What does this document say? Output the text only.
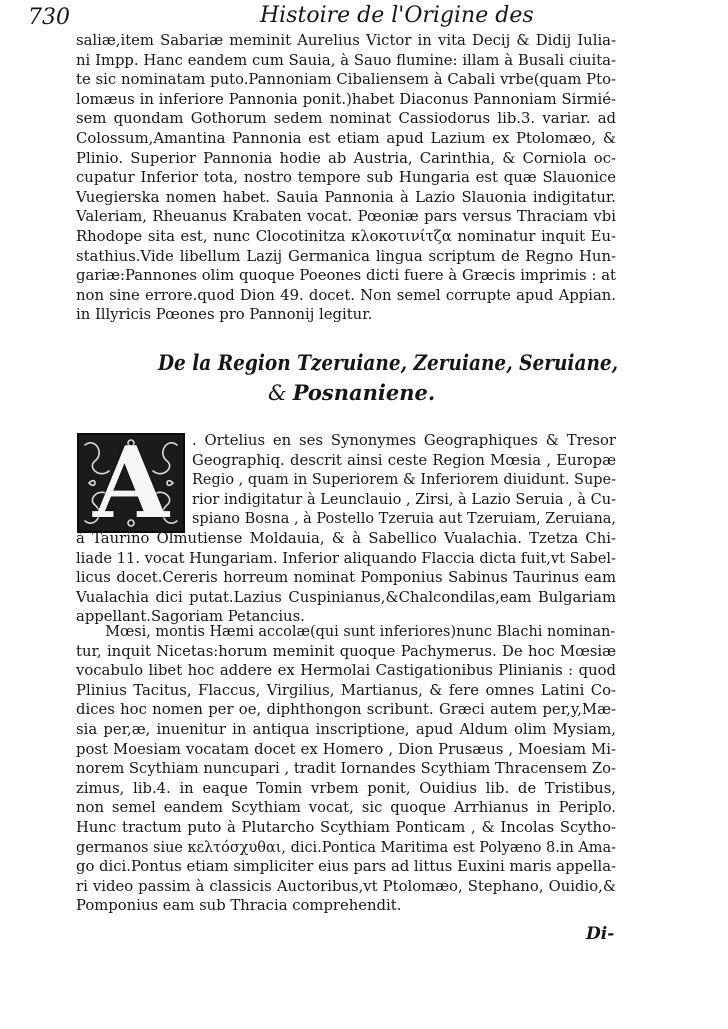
730	Histoire de l'Origine des
saliæ,item Sabariæ meminit Aurelius Victor in vita Decij & Didij Iulia-
ni Impp. Hanc eandem cum Sauia, à Sauo flumine: illam à Busali ciuita-
te sic nominatam puto.Pannoniam Cibaliensem à Cabali vrbe(quam Pto-
lomæus in inferiore Pannonia ponit.)habet Diaconus Pannoniam Sirmié-
sem quondam Gothorum sedem nominat Cassiodorus lib.3. variar. ad
Colossum,Amantina Pannonia est etiam apud Lazium ex Ptolomæo, &
Plinio. Superior Pannonia hodie ab Austria, Carinthia, & Corniola oc-
cupatur Inferior tota, nostro tempore sub Hungaria est quæ Slauonice
Vuegierska nomen habet. Sauia Pannonia à Lazio Slauonia indigitatur.
Valeriam, Rheuanus Krabaten vocat. Pœoniæ pars versus Thraciam vbi
Rhodope sita est, nunc Clocotinitza κλοκοτινίτζα nominatur inquit Eu-
stathius.Vide libellum Lazij Germanica lingua scriptum de Regno Hun-
gariæ:Pannones olim quoque Poeones dicti fuere à Græcis imprimis : at
non sine errore.quod Dion 49. docet. Non semel corrupte apud Appian.
in Illyricis Pœones pro Pannonij legitur.
De la Region Tzeruiane, Zeruiane, Seruiane,
& Posnaniene.
A	. Ortelius en ses Synonymes Geographiques & Tresor
Geographiq. descrit ainsi ceste Region Mœsia , Europæ
Regio , quam in Superiorem & Inferiorem diuidunt. Supe-
rior indigitatur à Leunclauio , Zirsi, à Lazio Seruia , à Cu-
spiano Bosna , à Postello Tzeruia aut Tzeruiam, Zeruiana,
à Taurino Olmutiense Moldauia, & à Sabellico Vualachia. Tzetza Chi-
liade 11. vocat Hungariam. Inferior aliquando Flaccia dicta fuit,vt Sabel-
licus docet.Cereris horreum nominat Pomponius Sabinus Taurinus eam
Vualachia dici putat.Lazius Cuspinianus,&Chalcondilas,eam Bulgariam
appellant.Sagoriam Petancius.
Mœsi, montis Hæmi accolæ(qui sunt inferiores)nunc Blachi nominan-
tur, inquit Nicetas:horum meminit quoque Pachymerus. De hoc Mœsiæ
vocabulo libet hoc addere ex Hermolai Castigationibus Plinianis : quod
Plinius Tacitus, Flaccus, Virgilius, Martianus, & fere omnes Latini Co-
dices hoc nomen per oe, diphthongon scribunt. Græci autem per,y,Mæ-
sia per,æ, inuenitur in antiqua inscriptione, apud Aldum olim Mysiam,
post Moesiam vocatam docet ex Homero , Dion Prusæus , Moesiam Mi-
norem Scythiam nuncupari , tradit Iornandes Scythiam Thracensem Zo-
zimus, lib.4. in eaque Tomin vrbem ponit, Ouidius lib. de Tristibus,
non semel eandem Scythiam vocat, sic quoque Arrhianus in Periplo.
Hunc tractum puto à Plutarcho Scythiam Ponticam , & Incolas Scytho-
germanos siue κελτόσχυθαι, dici.Pontica Maritima est Polyæno 8.in Ama-
go dici.Pontus etiam simpliciter eius pars ad littus Euxini maris appella-
ri video passim à classicis Auctoribus,vt Ptolomæo, Stephano, Ouidio,&
Pomponius eam sub Thracia comprehendit.
Di-
